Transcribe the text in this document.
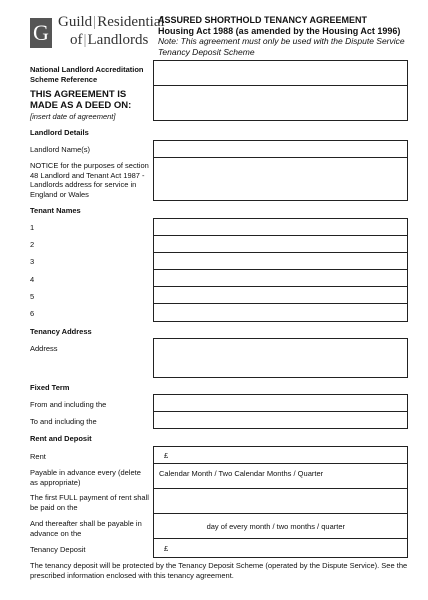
G Guild|Residential
of|Landlords
ASSURED SHORTHOLD TENANCY AGREEMENT
Housing Act 1988 (as amended by the Housing Act 1996)
Note: This agreement must only be used with the Dispute Service Tenancy Deposit Scheme
National Landlord Accreditation Scheme Reference
THIS AGREEMENT IS MADE AS A DEED ON:
[insert date of agreement]
Landlord Details
Landlord Name(s)
NOTICE for the purposes of section 48 Landlord and Tenant Act 1987 - Landlords address for service in England or Wales
Tenant Names
1
2
3
4
5
6
Tenancy Address
Address
Fixed Term
From and including the
To and including the
Rent and Deposit
Rent	£
Payable in advance every (delete as appropriate)
Calendar Month / Two Calendar Months / Quarter
The first FULL payment of rent shall be paid on the
And thereafter shall be payable in advance on the
day of every month / two months / quarter
Tenancy Deposit	£
The tenancy deposit will be protected by the Tenancy Deposit Scheme (operated by the Dispute Service). See the prescribed information enclosed with this tenancy agreement.
